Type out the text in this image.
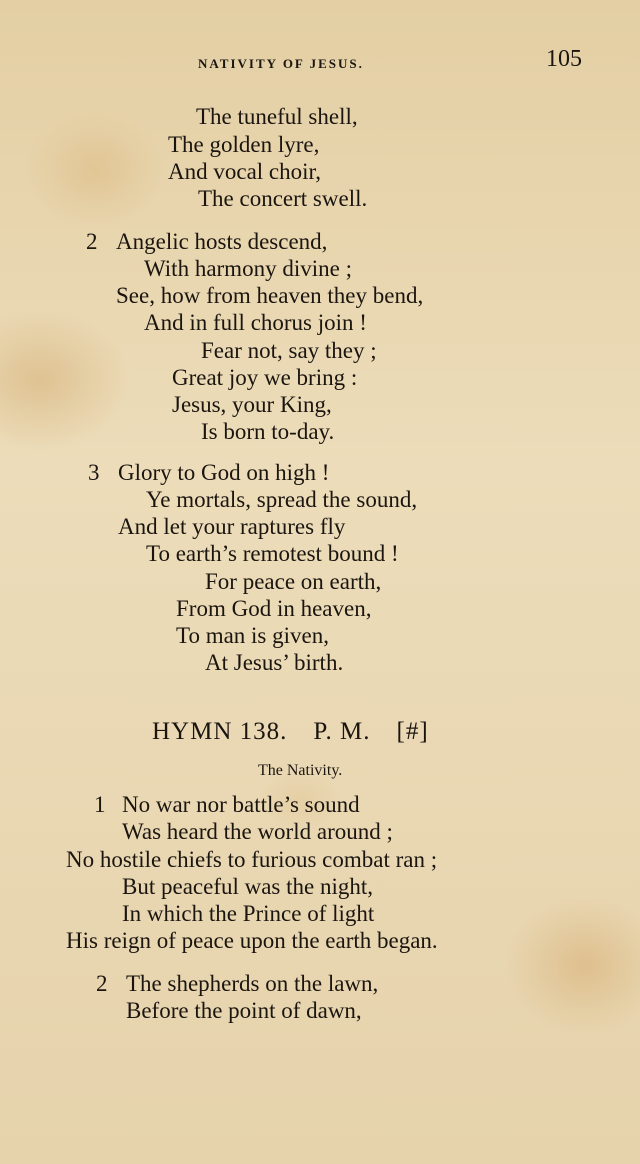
NATIVITY OF JESUS.	105
The tuneful shell,
The golden lyre,
And vocal choir,
The concert swell.
2 Angelic hosts descend,
With harmony divine ;
See, how from heaven they bend,
And in full chorus join !
Fear not, say they ;
Great joy we bring :
Jesus, your King,
Is born to-day.
3 Glory to God on high !
Ye mortals, spread the sound,
And let your raptures fly
To earth’s remotest bound !
For peace on earth,
From God in heaven,
To man is given,
At Jesus’ birth.
HYMN 138. P. M. [#]
The Nativity.
1 No war nor battle’s sound
Was heard the world around ;
No hostile chiefs to furious combat ran ;
But peaceful was the night,
In which the Prince of light
His reign of peace upon the earth began.
2 The shepherds on the lawn,
Before the point of dawn,
